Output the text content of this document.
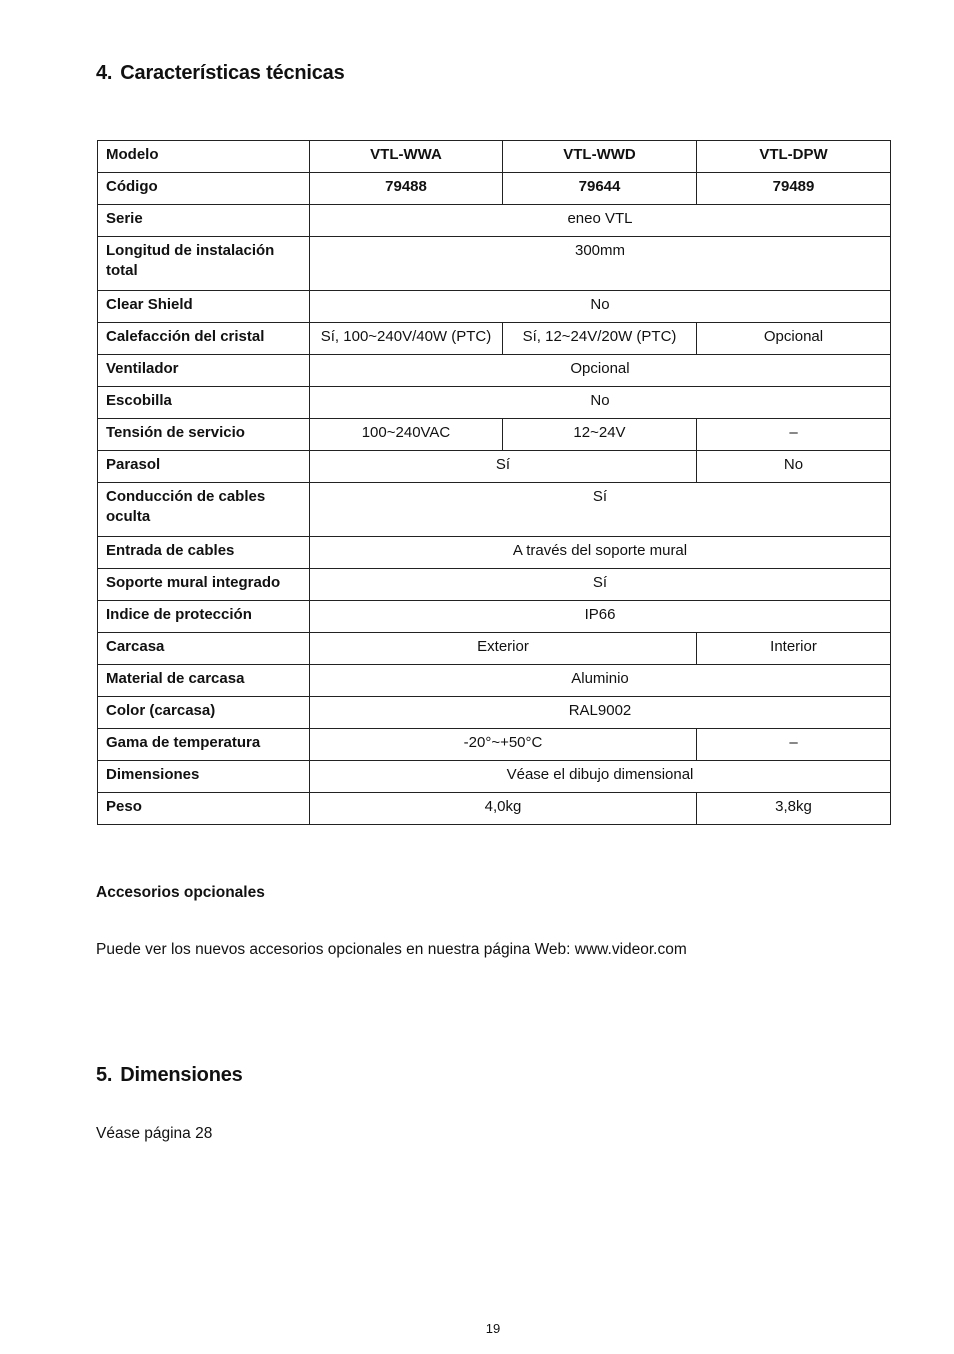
4. Características técnicas
Modelo	VTL-WWA	VTL-WWD	VTL-DPW
Código	79488	79644	79489
Serie	eneo VTL		
Longitud de instalación total	300mm		
Clear Shield	No		
Calefacción del cristal	Sí, 100~240V/40W (PTC)	Sí, 12~24V/20W (PTC)	Opcional
Ventilador	Opcional		
Escobilla	No		
Tensión de servicio	100~240VAC	12~24V	–
Parasol	Sí		No
Conducción de cables oculta	Sí		
Entrada de cables	A través del soporte mural		
Soporte mural integrado	Sí		
Indice de protección	IP66		
Carcasa	Exterior		Interior
Material de carcasa	Aluminio		
Color (carcasa)	RAL9002		
Gama de temperatura	-20°~+50°C		–
Dimensiones	Véase el dibujo dimensional		
Peso	4,0kg		3,8kg
Accesorios opcionales
Puede ver los nuevos accesorios opcionales en nuestra página Web: www.videor.com
5. Dimensiones
Véase página 28
19
